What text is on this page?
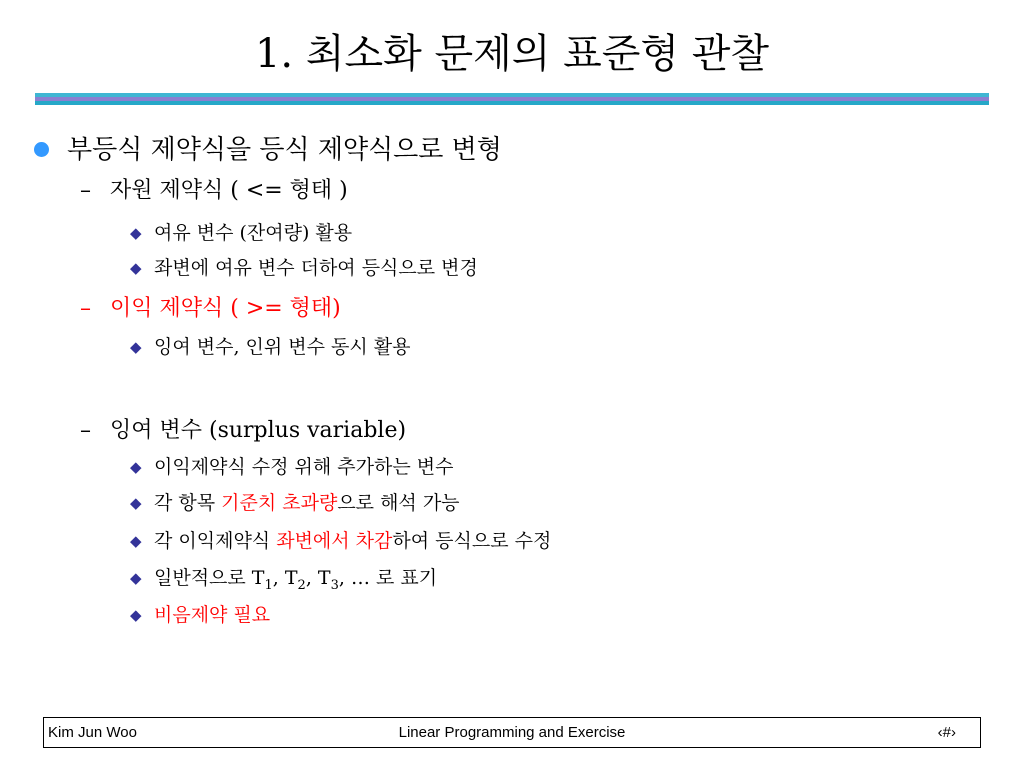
1. 최소화 문제의 표준형 관찰
부등식 제약식을 등식 제약식으로 변형
– 자원 제약식 ( <= 형태 )
◆ 여유 변수 (잔여량) 활용
◆ 좌변에 여유 변수 더하여 등식으로 변경
– 이익 제약식 ( >= 형태)
◆ 잉여 변수, 인위 변수 동시 활용
– 잉여 변수 (surplus variable)
◆ 이익제약식 수정 위해 추가하는 변수
◆ 각 항목 기준치 초과량으로 해석 가능
◆ 각 이익제약식 좌변에서 차감하여 등식으로 수정
◆ 일반적으로 $T_1$, $T_2$, $T_3$, … 로 표기
◆ 비음제약 필요
Kim Jun Woo	Linear Programming and Exercise	‹#›
